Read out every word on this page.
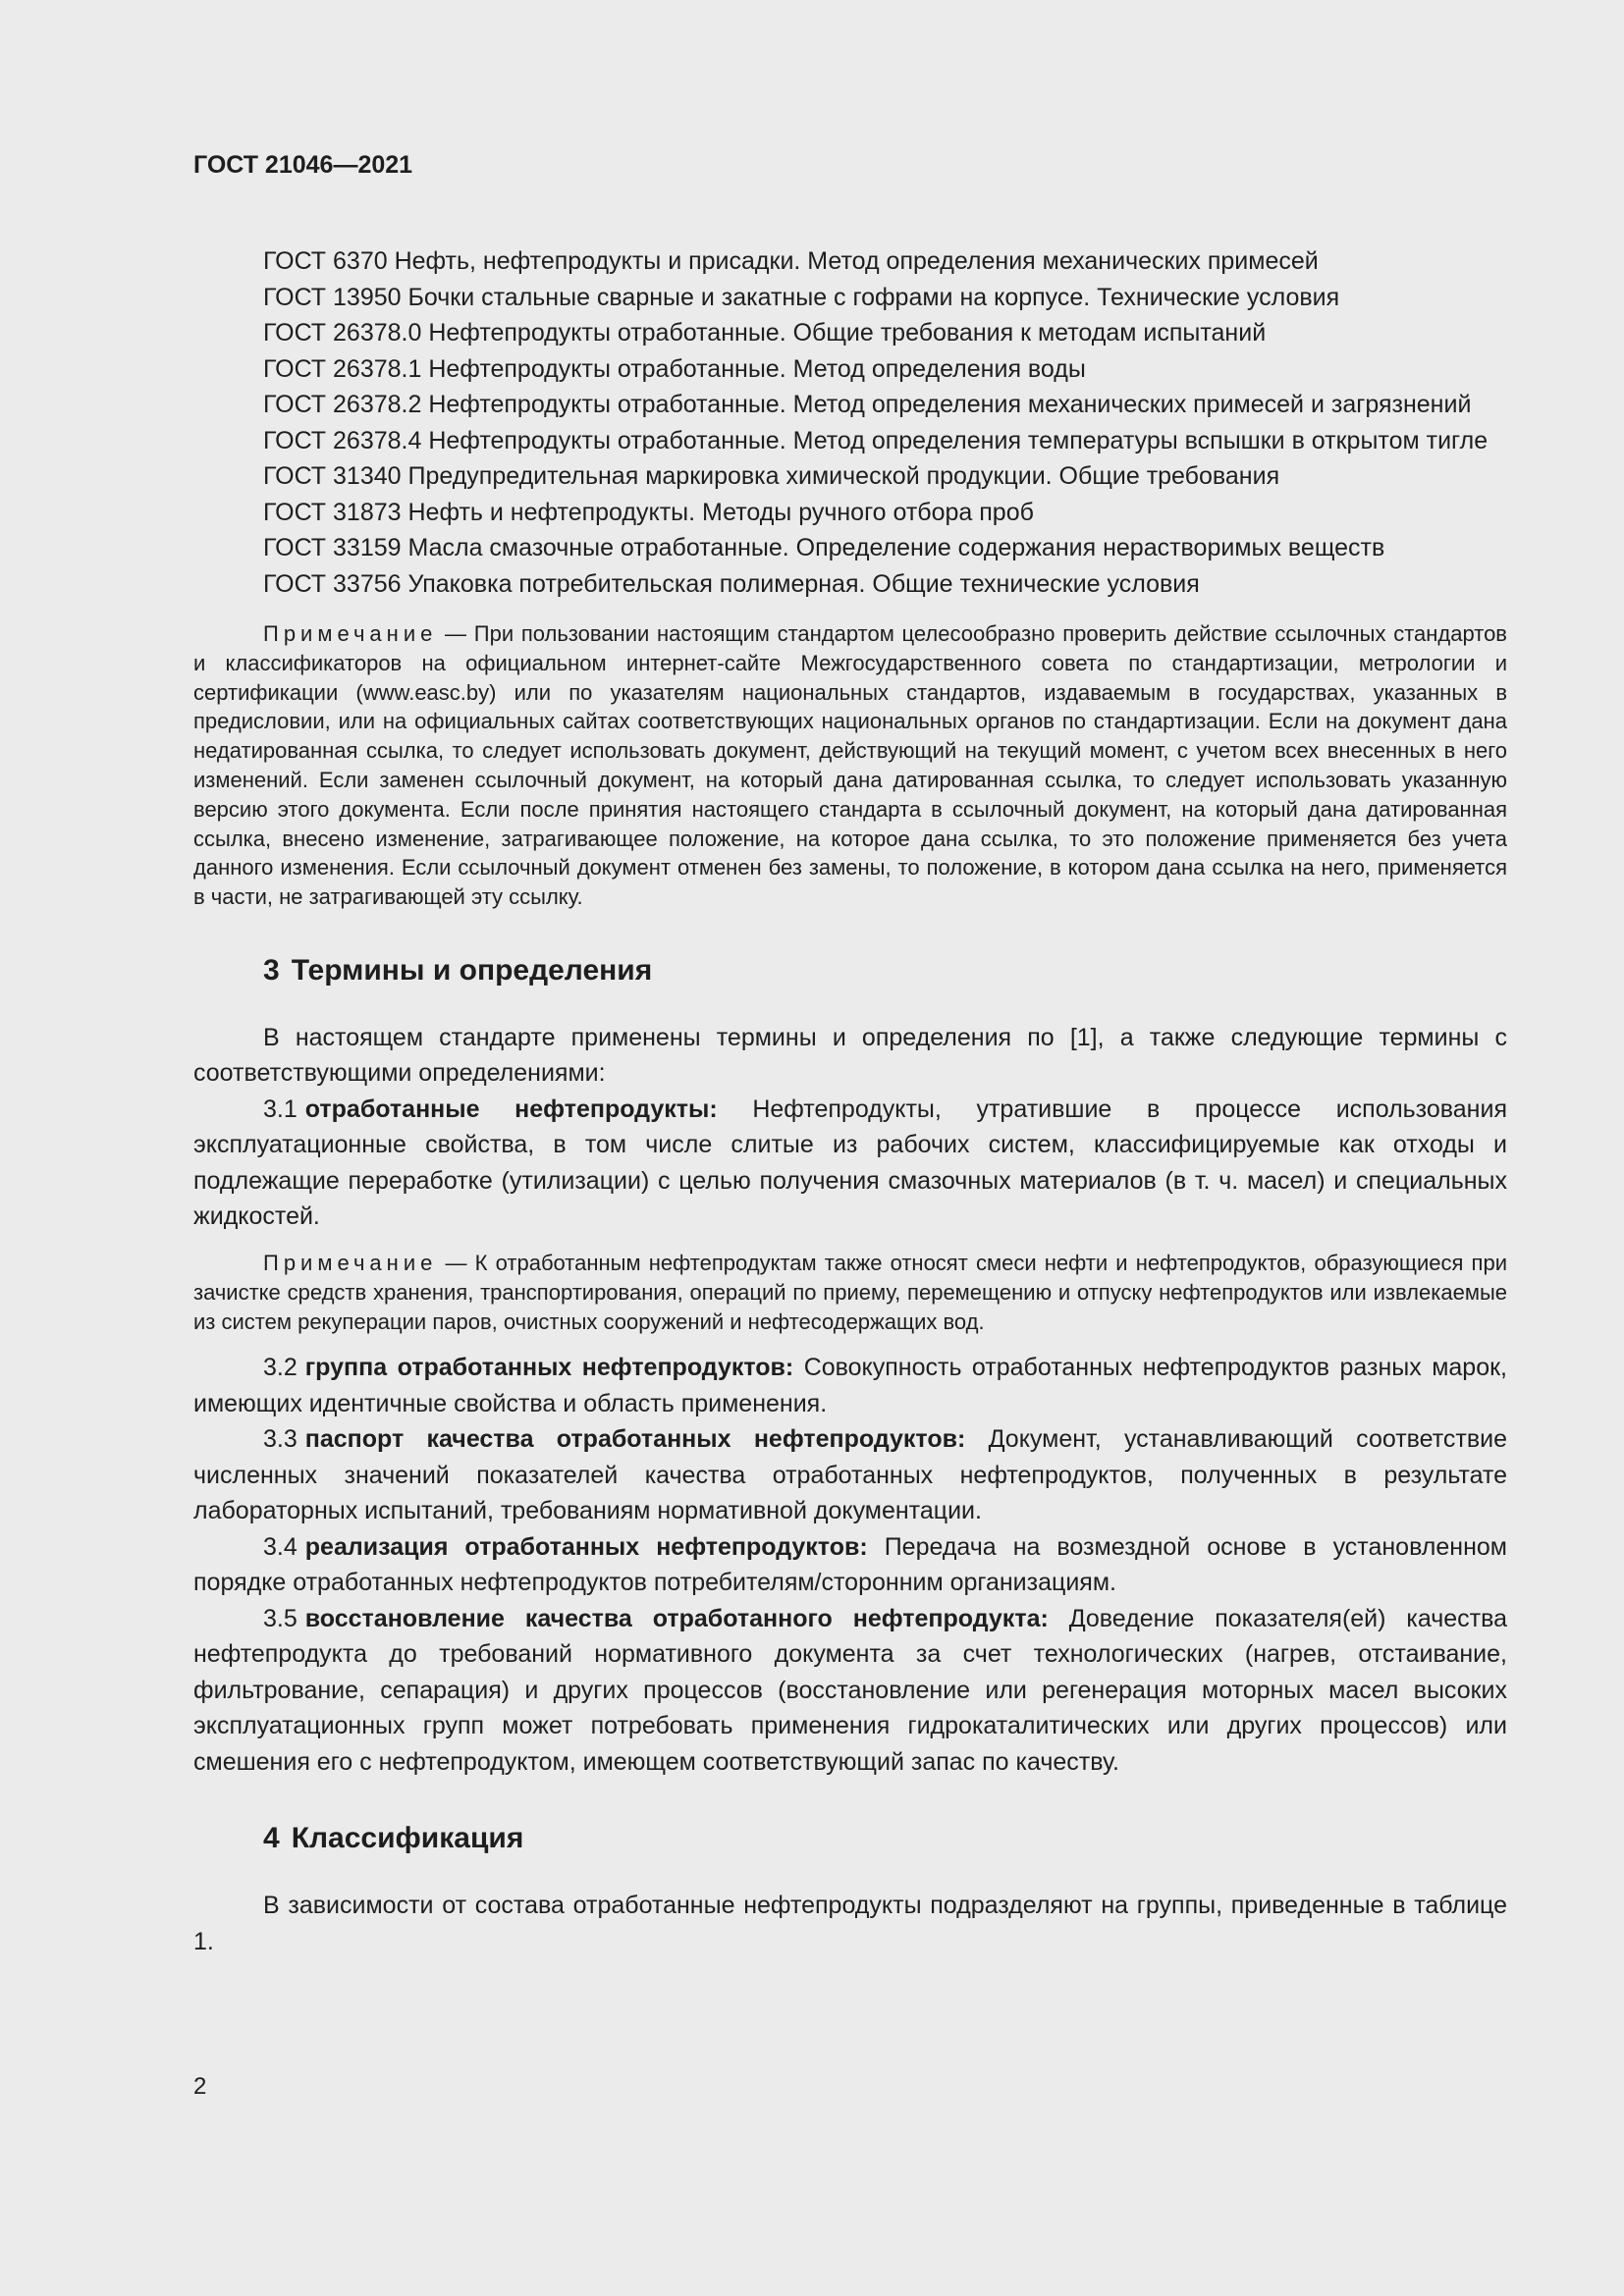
ГОСТ 21046—2021

ГОСТ 6370 Нефть, нефтепродукты и присадки. Метод определения механических примесей

ГОСТ 13950 Бочки стальные сварные и закатные с гофрами на корпусе. Технические условия

ГОСТ 26378.0 Нефтепродукты отработанные. Общие требования к методам испытаний

ГОСТ 26378.1 Нефтепродукты отработанные. Метод определения воды

ГОСТ 26378.2 Нефтепродукты отработанные. Метод определения механических примесей и загрязнений

ГОСТ 26378.4 Нефтепродукты отработанные. Метод определения температуры вспышки в открытом тигле

ГОСТ 31340 Предупредительная маркировка химической продукции. Общие требования

ГОСТ 31873 Нефть и нефтепродукты. Методы ручного отбора проб

ГОСТ 33159 Масла смазочные отработанные. Определение содержания нерастворимых веществ

ГОСТ 33756 Упаковка потребительская полимерная. Общие технические условия

Примечание — При пользовании настоящим стандартом целесообразно проверить действие ссылочных стандартов и классификаторов на официальном интернет-сайте Межгосударственного совета по стандартизации, метрологии и сертификации (www.easc.by) или по указателям национальных стандартов, издаваемым в государствах, указанных в предисловии, или на официальных сайтах соответствующих национальных органов по стандартизации. Если на документ дана недатированная ссылка, то следует использовать документ, действующий на текущий момент, с учетом всех внесенных в него изменений. Если заменен ссылочный документ, на который дана датированная ссылка, то следует использовать указанную версию этого документа. Если после принятия настоящего стандарта в ссылочный документ, на который дана датированная ссылка, внесено изменение, затрагивающее положение, на которое дана ссылка, то это положение применяется без учета данного изменения. Если ссылочный документ отменен без замены, то положение, в котором дана ссылка на него, применяется в части, не затрагивающей эту ссылку.

3 Термины и определения

В настоящем стандарте применены термины и определения по [1], а также следующие термины с соответствующими определениями:

3.1 отработанные нефтепродукты: Нефтепродукты, утратившие в процессе использования эксплуатационные свойства, в том числе слитые из рабочих систем, классифицируемые как отходы и подлежащие переработке (утилизации) с целью получения смазочных материалов (в т. ч. масел) и специальных жидкостей.

Примечание — К отработанным нефтепродуктам также относят смеси нефти и нефтепродуктов, образующиеся при зачистке средств хранения, транспортирования, операций по приему, перемещению и отпуску нефтепродуктов или извлекаемые из систем рекуперации паров, очистных сооружений и нефтесодержащих вод.

3.2 группа отработанных нефтепродуктов: Совокупность отработанных нефтепродуктов разных марок, имеющих идентичные свойства и область применения.

3.3 паспорт качества отработанных нефтепродуктов: Документ, устанавливающий соответствие численных значений показателей качества отработанных нефтепродуктов, полученных в результате лабораторных испытаний, требованиям нормативной документации.

3.4 реализация отработанных нефтепродуктов: Передача на возмездной основе в установленном порядке отработанных нефтепродуктов потребителям/сторонним организациям.

3.5 восстановление качества отработанного нефтепродукта: Доведение показателя(ей) качества нефтепродукта до требований нормативного документа за счет технологических (нагрев, отстаивание, фильтрование, сепарация) и других процессов (восстановление или регенерация моторных масел высоких эксплуатационных групп может потребовать применения гидрокаталитических или других процессов) или смешения его с нефтепродуктом, имеющем соответствующий запас по качеству.

4 Классификация

В зависимости от состава отработанные нефтепродукты подразделяют на группы, приведенные в таблице 1.

2
